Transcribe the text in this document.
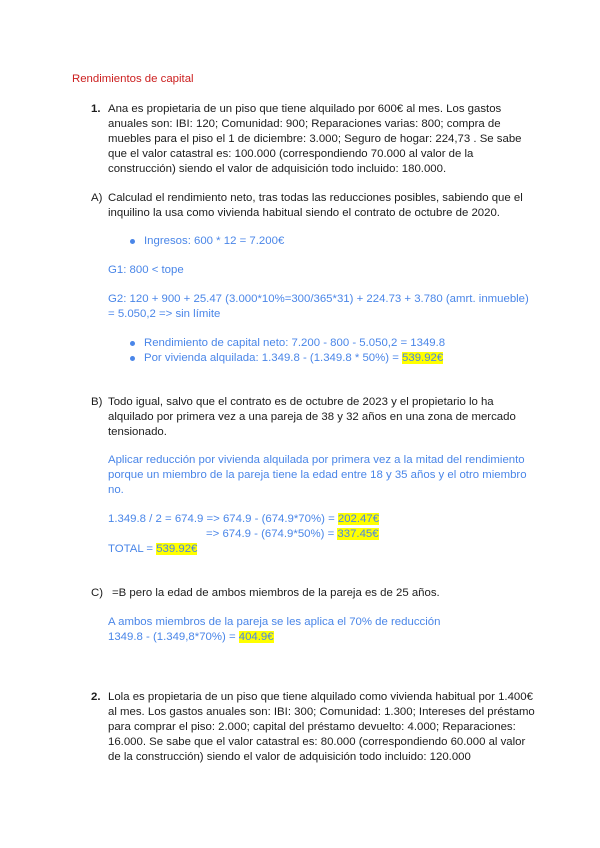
Rendimientos de capital
1. Ana es propietaria de un piso que tiene alquilado por 600€ al mes. Los gastos
anuales son: IBI: 120; Comunidad: 900; Reparaciones varias: 800; compra de
muebles para el piso el 1 de diciembre: 3.000; Seguro de hogar: 224,73 . Se sabe
que el valor catastral es: 100.000 (correspondiendo 70.000 al valor de la
construcción) siendo el valor de adquisición todo incluido: 180.000.
A) Calculad el rendimiento neto, tras todas las reducciones posibles, sabiendo que el
inquilino la usa como vivienda habitual siendo el contrato de octubre de 2020.
Ingresos: 600 * 12 = 7.200€
G1: 800 < tope
G2: 120 + 900 + 25.47 (3.000*10%=300/365*31) + 224.73 + 3.780 (amrt. inmueble)
= 5.050,2 => sin límite
Rendimiento de capital neto: 7.200 - 800 - 5.050,2 = 1349.8
Por vivienda alquilada: 1.349.8 - (1.349.8 * 50%) = 539.92€
B) Todo igual, salvo que el contrato es de octubre de 2023 y el propietario lo ha
alquilado por primera vez a una pareja de 38 y 32 años en una zona de mercado
tensionado.
Aplicar reducción por vivienda alquilada por primera vez a la mitad del rendimiento
porque un miembro de la pareja tiene la edad entre 18 y 35 años y el otro miembro
no.
1.349.8 / 2 = 674.9 => 674.9 - (674.9*70%) = 202.47€
=> 674.9 - (674.9*50%) = 337.45€
TOTAL = 539.92€
C) =B pero la edad de ambos miembros de la pareja es de 25 años.
A ambos miembros de la pareja se les aplica el 70% de reducción
1349.8 - (1.349,8*70%) = 404.9€
2. Lola es propietaria de un piso que tiene alquilado como vivienda habitual por 1.400€
al mes. Los gastos anuales son: IBI: 300; Comunidad: 1.300; Intereses del préstamo
para comprar el piso: 2.000; capital del préstamo devuelto: 4.000; Reparaciones:
16.000. Se sabe que el valor catastral es: 80.000 (correspondiendo 60.000 al valor
de la construcción) siendo el valor de adquisición todo incluido: 120.000
